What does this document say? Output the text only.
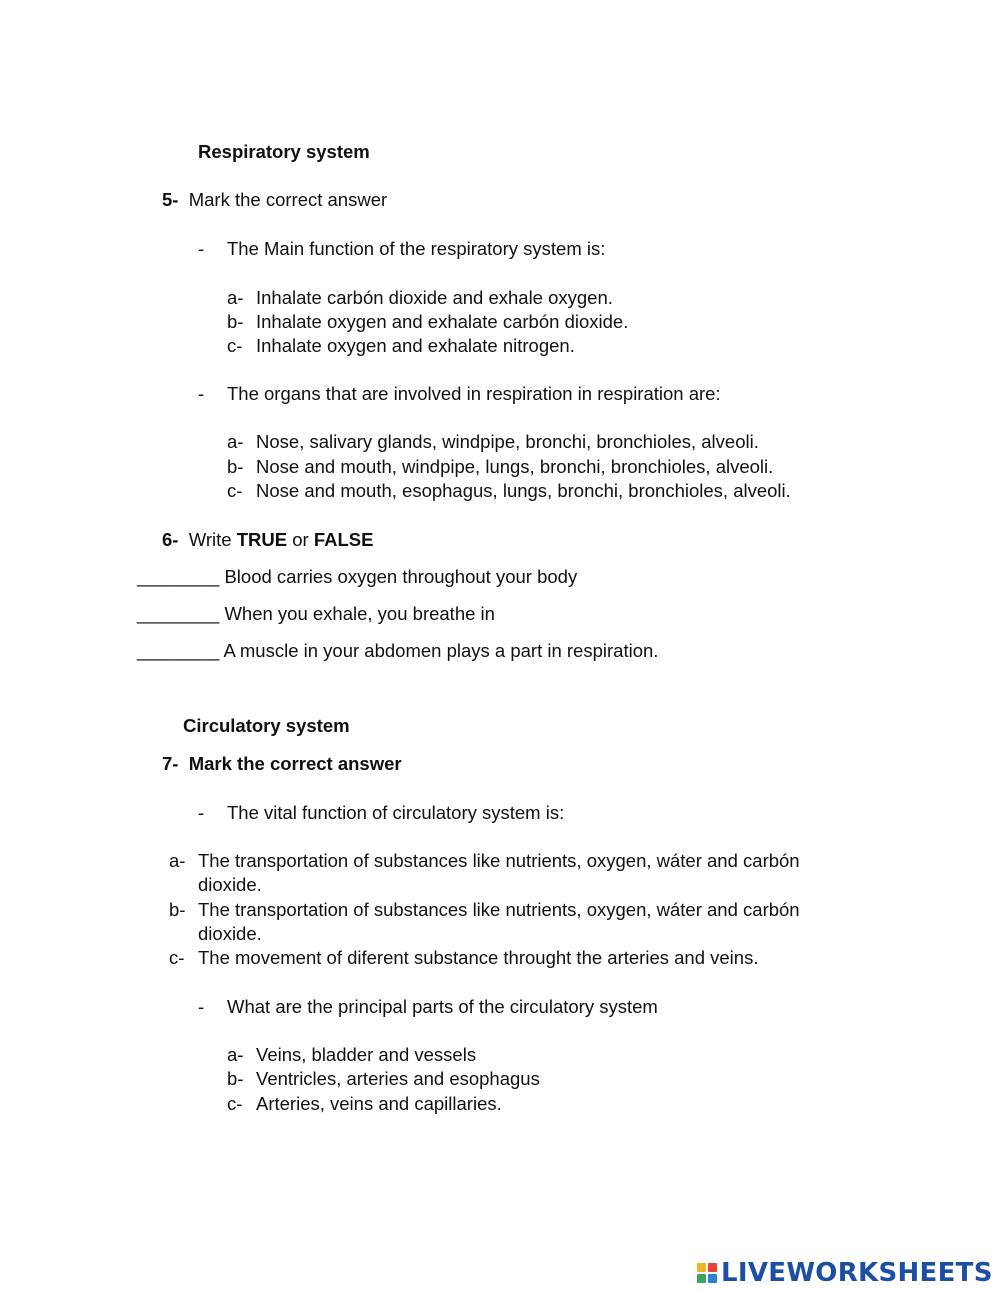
Respiratory system
5- Mark the correct answer
- The Main function of the respiratory system is:
a- Inhalate carbón dioxide and exhale oxygen.
b- Inhalate oxygen and exhalate carbón dioxide.
c- Inhalate oxygen and exhalate nitrogen.
- The organs that are involved in respiration in respiration are:
a- Nose, salivary glands, windpipe, bronchi, bronchioles, alveoli.
b- Nose and mouth, windpipe, lungs, bronchi, bronchioles, alveoli.
c- Nose and mouth, esophagus, lungs, bronchi, bronchioles, alveoli.
6- Write TRUE or FALSE
________ Blood carries oxygen throughout your body
________ When you exhale, you breathe in
________ A muscle in your abdomen plays a part in respiration.
Circulatory system
7- Mark the correct answer
- The vital function of circulatory system is:
a- The transportation of substances like nutrients, oxygen, wáter and carbón
dioxide.
b- The transportation of substances like nutrients, oxygen, wáter and carbón
dioxide.
c- The movement of diferent substance throught the arteries and veins.
- What are the principal parts of the circulatory system
a- Veins, bladder and vessels
b- Ventricles, arteries and esophagus
c- Arteries, veins and capillaries.
LIVEWORKSHEETS
